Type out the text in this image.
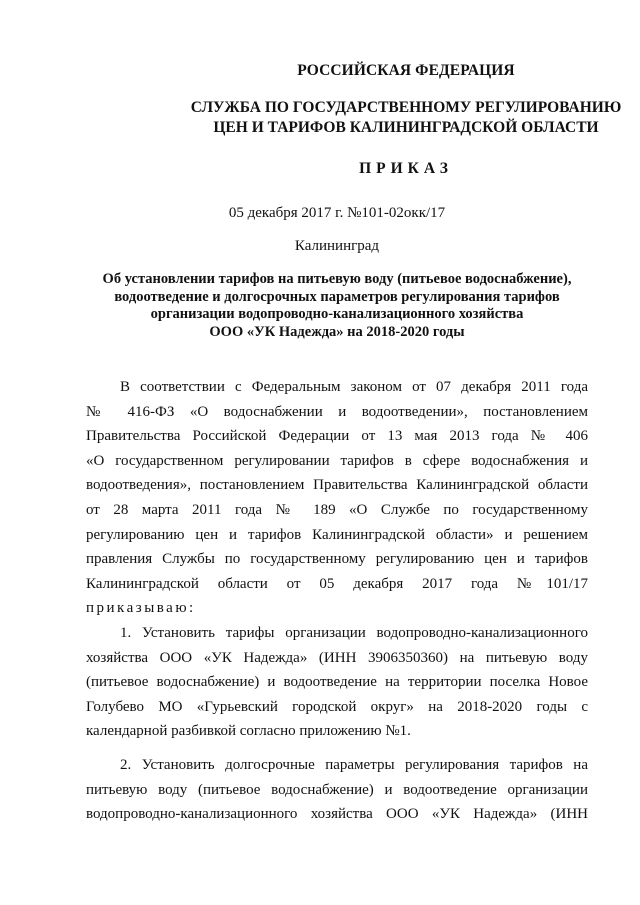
РОССИЙСКАЯ ФЕДЕРАЦИЯ
СЛУЖБА ПО ГОСУДАРСТВЕННОМУ РЕГУЛИРОВАНИЮ
ЦЕН И ТАРИФОВ КАЛИНИНГРАДСКОЙ ОБЛАСТИ
ПРИКАЗ
05 декабря 2017 г. №101-02окк/17
Калининград
Об установлении тарифов на питьевую воду (питьевое водоснабжение),
водоотведение и долгосрочных параметров регулирования тарифов
организации водопроводно-канализационного хозяйства
ООО «УК Надежда» на 2018-2020 годы

В соответствии с Федеральным законом от 07 декабря 2011 года

№ 416-ФЗ «О водоснабжении и водоотведении», постановлением

Правительства Российской Федерации от 13 мая 2013 года № 406

«О государственном регулировании тарифов в сфере водоснабжения и

водоотведения», постановлением Правительства Калининградской области

от 28 марта 2011 года № 189 «О Службе по государственному

регулированию цен и тарифов Калининградской области» и решением

правления Службы по государственному регулированию цен и тарифов

Калининградской области от 05 декабря 2017 года №101/17

приказываю:

1. Установить тарифы организации водопроводно-канализационного

хозяйства ООО «УК Надежда» (ИНН 3906350360) на питьевую воду

(питьевое водоснабжение) и водоотведение на территории поселка Новое

Голубево МО «Гурьевский городской округ» на 2018-2020 годы с

календарной разбивкой согласно приложению №1.

2. Установить долгосрочные параметры регулирования тарифов на

питьевую воду (питьевое водоснабжение) и водоотведение организации

водопроводно-канализационного хозяйства ООО «УК Надежда» (ИНН
